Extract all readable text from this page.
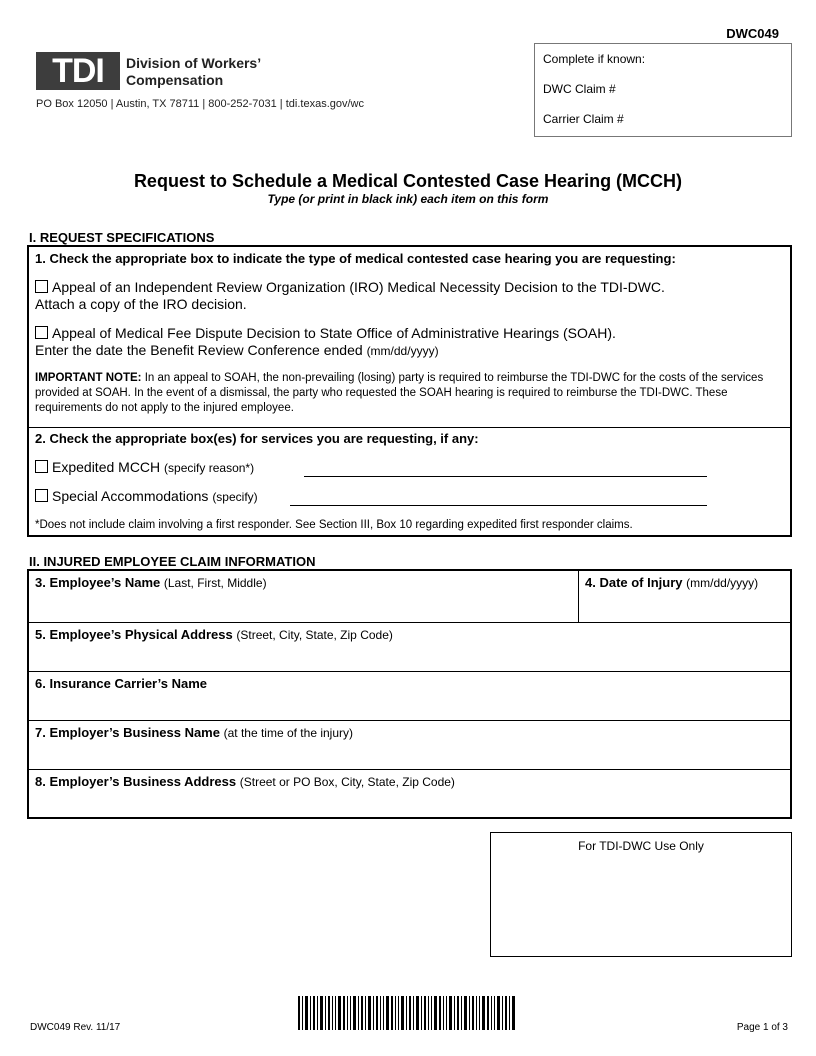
DWC049
TDI	Division of Workers’
Compensation
PO Box 12050 | Austin, TX 78711 | 800-252-7031 | tdi.texas.gov/wc
Complete if known:
DWC Claim #
Carrier Claim #
Request to Schedule a Medical Contested Case Hearing (MCCH)
Type (or print in black ink) each item on this form
I. REQUEST SPECIFICATIONS
1. Check the appropriate box to indicate the type of medical contested case hearing you are requesting:
Appeal of an Independent Review Organization (IRO) Medical Necessity Decision to the TDI-DWC.
Attach a copy of the IRO decision.
Appeal of Medical Fee Dispute Decision to State Office of Administrative Hearings (SOAH).
Enter the date the Benefit Review Conference ended (mm/dd/yyyy)
IMPORTANT NOTE: In an appeal to SOAH, the non-prevailing (losing) party is required to reimburse the TDI-DWC for the costs of the services provided at SOAH. In the event of a dismissal, the party who requested the SOAH hearing is required to reimburse the TDI-DWC. These requirements do not apply to the injured employee.
2. Check the appropriate box(es) for services you are requesting, if any:
Expedited MCCH (specify reason*)
Special Accommodations (specify)
*Does not include claim involving a first responder. See Section III, Box 10 regarding expedited first responder claims.
II. INJURED EMPLOYEE CLAIM INFORMATION
3. Employee’s Name (Last, First, Middle)	4. Date of Injury (mm/dd/yyyy)
5. Employee’s Physical Address (Street, City, State, Zip Code)
6. Insurance Carrier’s Name
7. Employer’s Business Name (at the time of the injury)
8. Employer’s Business Address (Street or PO Box, City, State, Zip Code)
For TDI-DWC Use Only
DWC049 Rev. 11/17	Page 1 of 3
